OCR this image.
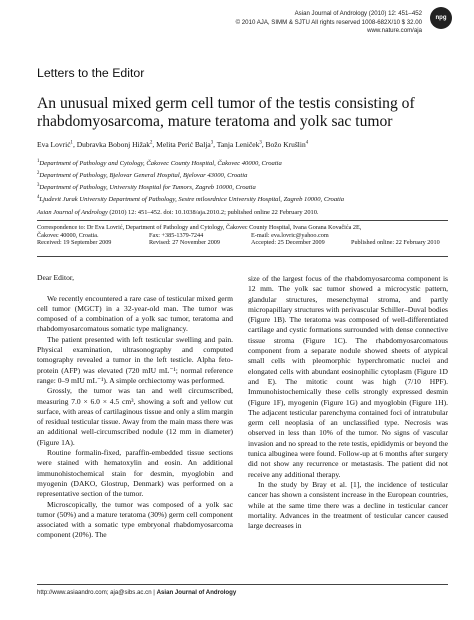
Asian Journal of Andrology (2010) 12: 451–452
© 2010 AJA, SIMM & SJTU All rights reserved 1008-682X/10 $ 32.00
www.nature.com/aja
npg
Letters to the Editor
An unusual mixed germ cell tumor of the testis consisting of
rhabdomyosarcoma, mature teratoma and yolk sac tumor
Eva Lovrić$^1$, Dubravka Bobonj Hižak$^2$, Melita Perić Balja$^3$, Tanja Leniček$^3$, Božo Krušlin$^4$
$^1$Department of Pathology and Cytology, Čakovec County Hospital, Čakovec 40000, Croatia
$^2$Department of Pathology, Bjelovar General Hospital, Bjelovar 43000, Croatia
$^3$Department of Pathology, University Hospital for Tumors, Zagreb 10000, Croatia
$^4$Ljudevit Jurak University Department of Pathology, Sestre milosrdnice University Hospital, Zagreb 10000, Croatia
Asian Journal of Andrology (2010) 12: 451–452. doi: 10.1038/aja.2010.2; published online 22 February 2010.
Correspondence to: Dr Eva Lovrić, Department of Pathology and Cytology, Čakovec County Hospital, Ivana Gorana Kovačića 2E,
Čakovec 40000, Croatia.	Fax: +385-1379-7244	E-mail: eva.lovric@yahoo.com
Received: 19 September 2009	Revised: 27 November 2009	Accepted: 25 December 2009	Published online: 22 February 2010

Dear Editor,

We recently encountered a rare case of testicular mixed germ cell tumor (MGCT) in a 32-year-old man. The tumor was composed of a combination of a yolk sac tumor, teratoma and rhabdomyosarcomatous somatic type malignancy.

The patient presented with left testicular swelling and pain. Physical examination, ultrasonography and computed tomography revealed a tumor in the left testicle. Alpha feto-protein (AFP) was elevated (720 mIU mL⁻¹; normal reference range: 0–9 mIU mL⁻¹). A simple orchiectomy was performed.

Grossly, the tumor was tan and well circumscribed, measuring 7.0 × 6.0 × 4.5 cm³, showing a soft and yellow cut surface, with areas of cartilaginous tissue and only a slim margin of residual testicular tissue. Away from the main mass there was an additional well-circumscribed nodule (12 mm in diameter) (Figure 1A).

Routine formalin-fixed, paraffin-embedded tissue sections were stained with hematoxylin and eosin. An additional immunohistochemical stain for desmin, myoglobin and myogenin (DAKO, Glostrup, Denmark) was performed on a representative section of the tumor.

Microscopically, the tumor was composed of a yolk sac tumor (50%) and a mature teratoma (30%) germ cell component associated with a somatic type embryonal rhabdomyosarcoma component (20%). The

size of the largest focus of the rhabdomyosarcoma component is 12 mm. The yolk sac tumor showed a microcystic pattern, glandular structures, mesenchymal stroma, and partly micropapillary structures with perivascular Schiller–Duval bodies (Figure 1B). The teratoma was composed of well-differentiated cartilage and cystic formations surrounded with dense connective tissue stroma (Figure 1C). The rhabdomyosarcomatous component from a separate nodule showed sheets of atypical small cells with pleomorphic hyperchromatic nuclei and elongated cells with abundant eosinophilic cytoplasm (Figure 1D and E). The mitotic count was high (7/10 HPF). Immunohistochemically these cells strongly expressed desmin (Figure 1F), myogenin (Figure 1G) and myoglobin (Figure 1H). The adjacent testicular parenchyma contained foci of intratubular germ cell neoplasia of an unclassified type. Necrosis was observed in less than 10% of the tumor. No signs of vascular invasion and no spread to the rete testis, epididymis or beyond the tunica albuginea were found. Follow-up at 6 months after surgery did not show any recurrence or metastasis. The patient did not receive any additional therapy.

In the study by Bray et al. [1], the incidence of testicular cancer has shown a consistent increase in the European countries, while at the same time there was a decline in testicular cancer mortality. Advances in the treatment of testicular cancer caused large decreases in

http://www.asiaandro.com; aja@sibs.ac.cn | Asian Journal of Andrology
